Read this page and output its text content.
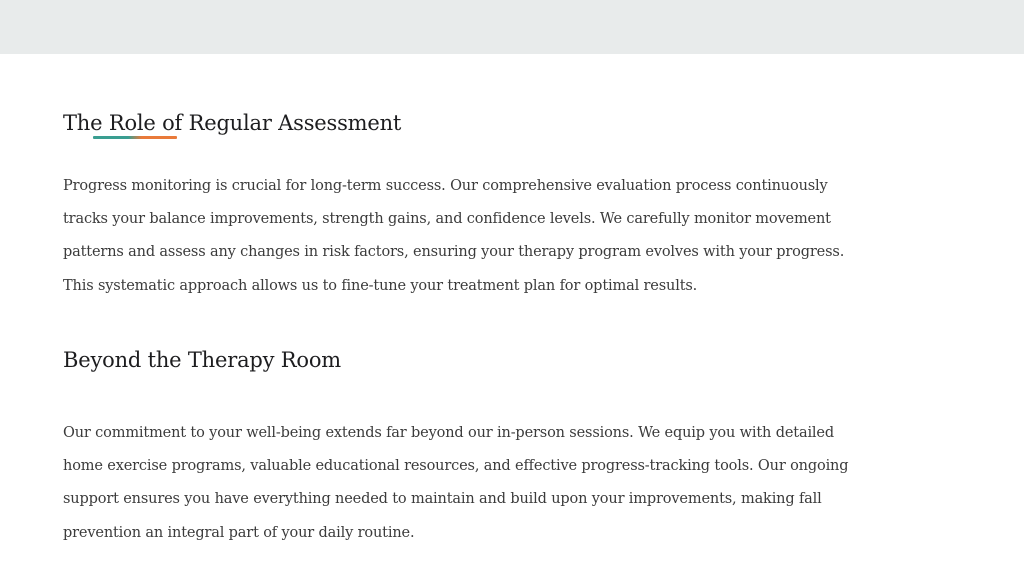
The Role of Regular Assessment

Progress monitoring is crucial for long-term success. Our comprehensive evaluation process continuously tracks your balance improvements, strength gains, and confidence levels. We carefully monitor movement patterns and assess any changes in risk factors, ensuring your therapy program evolves with your progress. This systematic approach allows us to fine-tune your treatment plan for optimal results.

Beyond the Therapy Room

Our commitment to your well-being extends far beyond our in-person sessions. We equip you with detailed home exercise programs, valuable educational resources, and effective progress-tracking tools. Our ongoing support ensures you have everything needed to maintain and build upon your improvements, making fall prevention an integral part of your daily routine.
